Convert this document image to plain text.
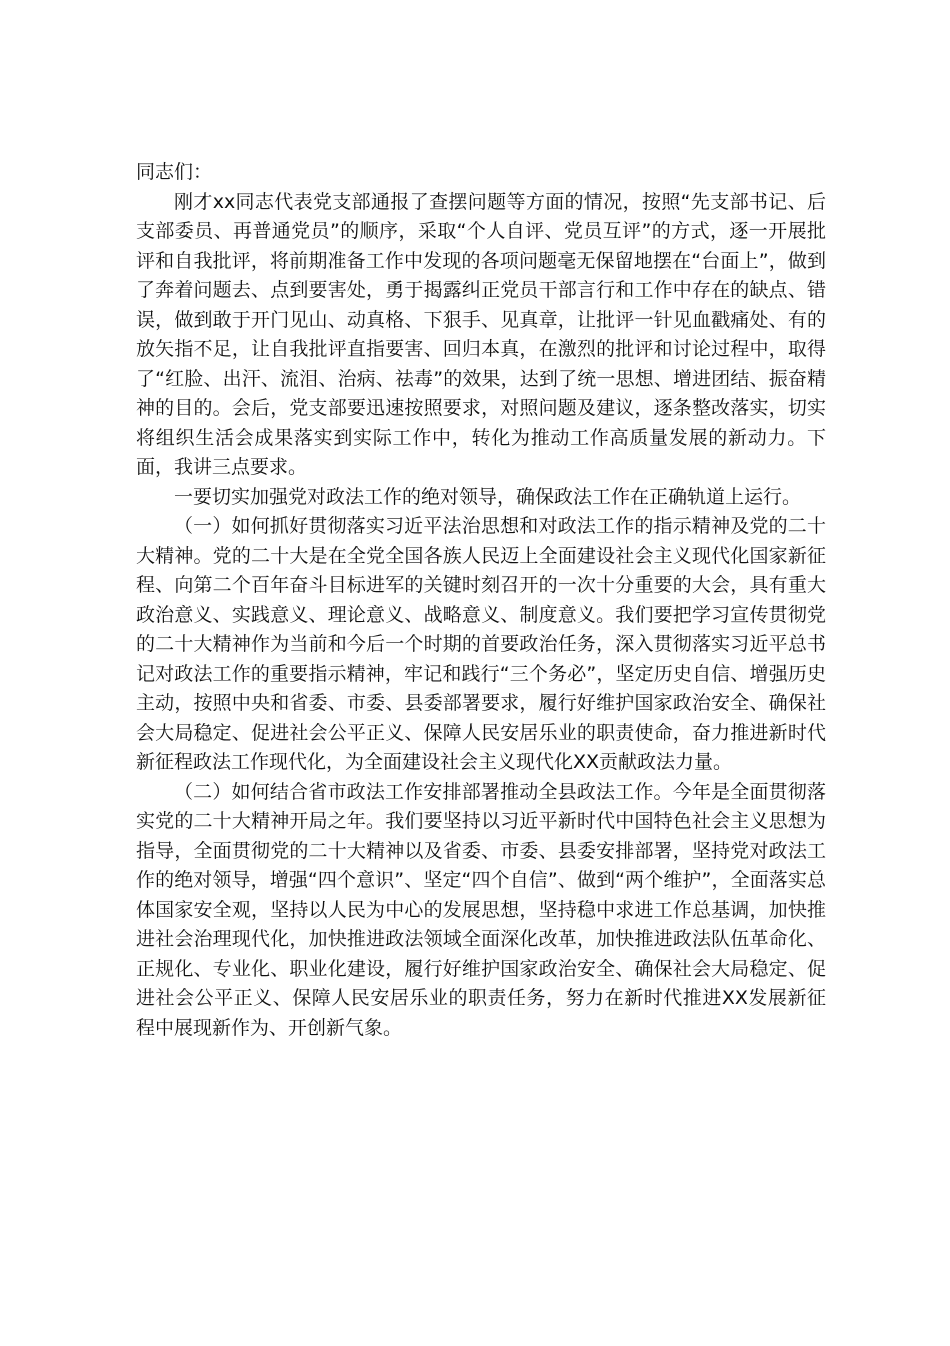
同志们：

刚才xx同志代表党支部通报了查摆问题等方面的情况，按照“先支部书记、后支部委员、再普通党员”的顺序，采取“个人自评、党员互评”的方式，逐一开展批评和自我批评，将前期准备工作中发现的各项问题毫无保留地摆在“台面上”，做到了奔着问题去、点到要害处，勇于揭露纠正党员干部言行和工作中存在的缺点、错误，做到敢于开门见山、动真格、下狠手、见真章，让批评一针见血戳痛处、有的放矢指不足，让自我批评直指要害、回归本真，在激烈的批评和讨论过程中，取得了“红脸、出汗、流泪、治病、祛毒”的效果，达到了统一思想、增进团结、振奋精神的目的。会后，党支部要迅速按照要求，对照问题及建议，逐条整改落实，切实将组织生活会成果落实到实际工作中，转化为推动工作高质量发展的新动力。下面，我讲三点要求。

一要切实加强党对政法工作的绝对领导，确保政法工作在正确轨道上运行。

（一）如何抓好贯彻落实习近平法治思想和对政法工作的指示精神及党的二十大精神。党的二十大是在全党全国各族人民迈上全面建设社会主义现代化国家新征程、向第二个百年奋斗目标进军的关键时刻召开的一次十分重要的大会，具有重大政治意义、实践意义、理论意义、战略意义、制度意义。我们要把学习宣传贯彻党的二十大精神作为当前和今后一个时期的首要政治任务，深入贯彻落实习近平总书记对政法工作的重要指示精神，牢记和践行“三个务必”，坚定历史自信、增强历史主动，按照中央和省委、市委、县委部署要求，履行好维护国家政治安全、确保社会大局稳定、促进社会公平正义、保障人民安居乐业的职责使命，奋力推进新时代新征程政法工作现代化，为全面建设社会主义现代化XX贡献政法力量。

（二）如何结合省市政法工作安排部署推动全县政法工作。今年是全面贯彻落实党的二十大精神开局之年。我们要坚持以习近平新时代中国特色社会主义思想为指导，全面贯彻党的二十大精神以及省委、市委、县委安排部署，坚持党对政法工作的绝对领导，增强“四个意识”、坚定“四个自信”、做到“两个维护”，全面落实总体国家安全观，坚持以人民为中心的发展思想，坚持稳中求进工作总基调，加快推进社会治理现代化，加快推进政法领域全面深化改革，加快推进政法队伍革命化、正规化、专业化、职业化建设，履行好维护国家政治安全、确保社会大局稳定、促进社会公平正义、保障人民安居乐业的职责任务，努力在新时代推进XX发展新征程中展现新作为、开创新气象。
